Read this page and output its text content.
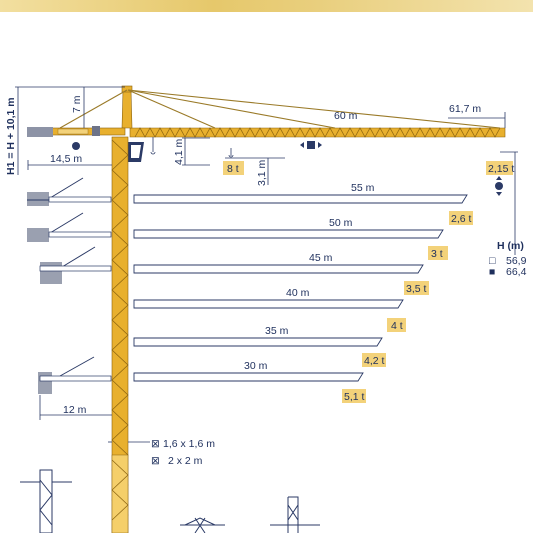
H1 = H + 10,1 m	7 m
14,5 m	4,1 m
3,1 m
60 m
61,7 m
12 m
8 t	2,15 t
55 m
2,6 t
50 m
3 t
45 m
3,5 t
40 m
4 t
35 m
4,2 t
30 m
5,1 t
H (m)
□ 56,9
■ 66,4
⊠ 1,6 x 1,6 m
⊠ 2 x 2 m
